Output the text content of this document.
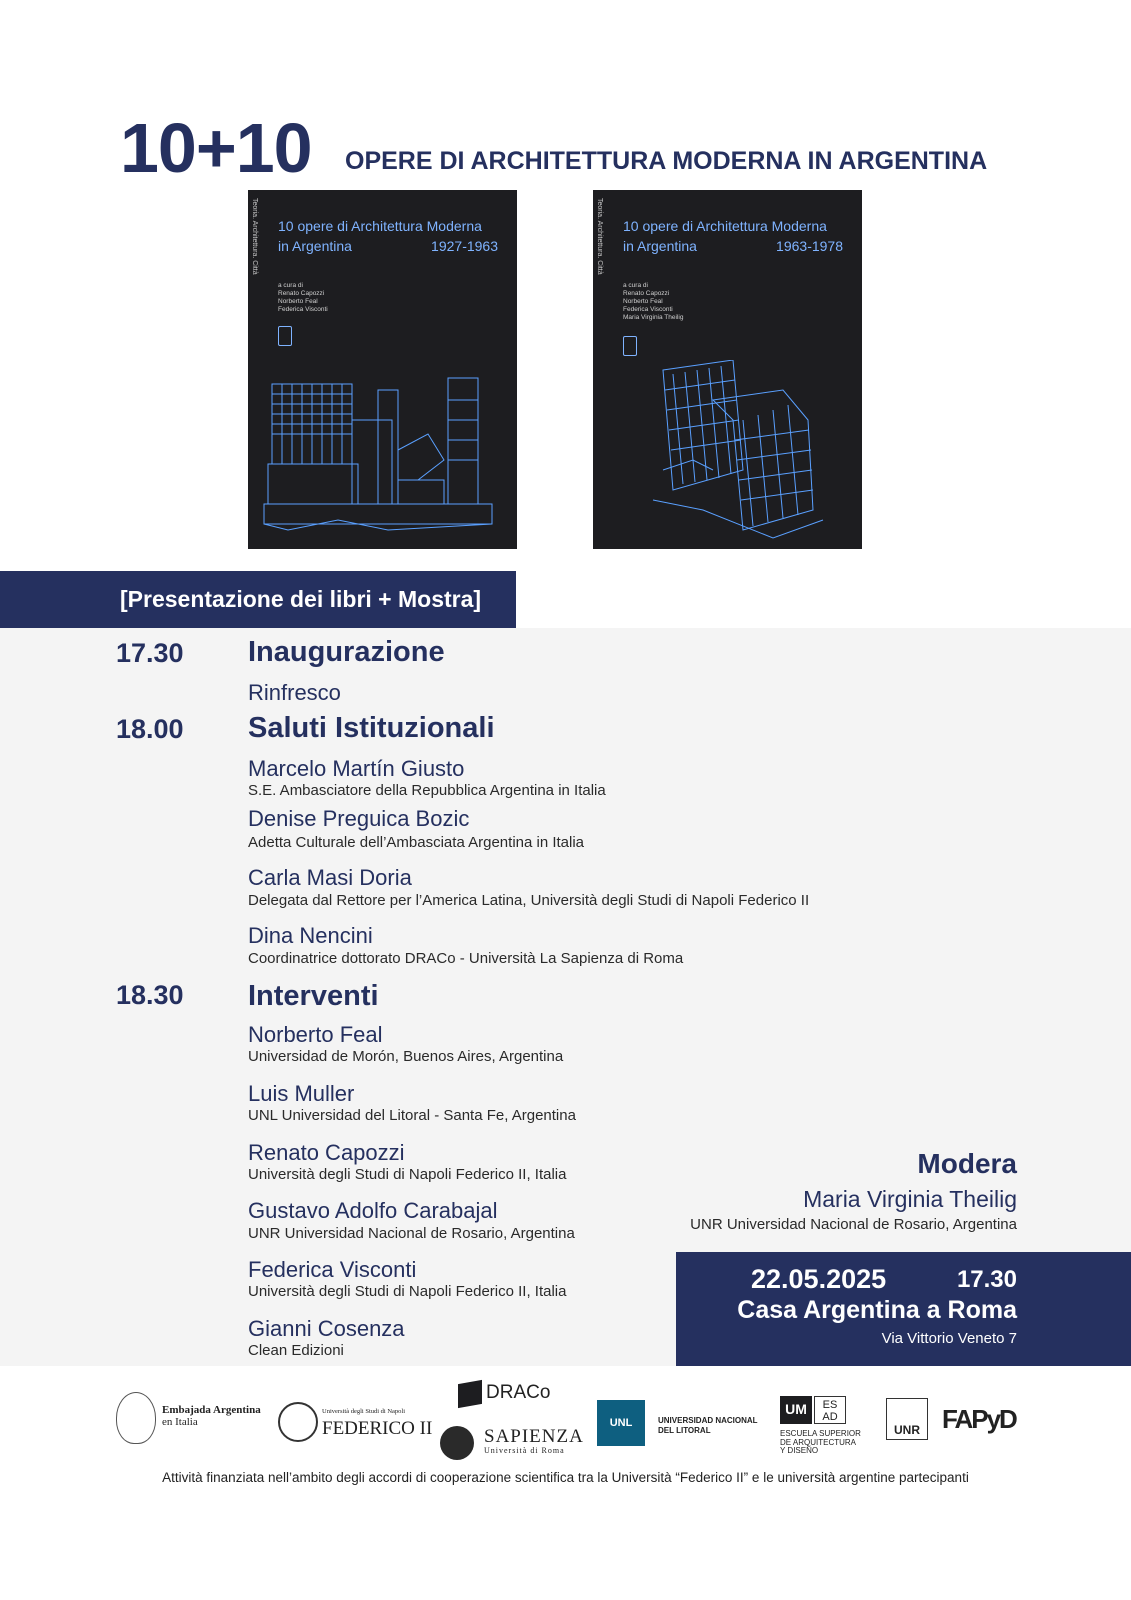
10+10 OPERE DI ARCHITETTURA MODERNA IN ARGENTINA
Teoria. Architettura. Città 10 opere di Architettura Moderna
in Argentina	1927-1963
a cura di
Renato Capozzi
Norberto Feal
Federica Visconti
Teoria. Architettura. Città 10 opere di Architettura Moderna
in Argentina	1963-1978
a cura di
Renato Capozzi
Norberto Feal
Federica Visconti
Maria Virginia Theilig
[Presentazione dei libri + Mostra]
17.30 Inaugurazione
Rinfresco
18.00 Saluti Istituzionali
Marcelo Martín Giusto
S.E. Ambasciatore della Repubblica Argentina in Italia
Denise Preguica Bozic
Adetta Culturale dell’Ambasciata Argentina in Italia
Carla Masi Doria
Delegata dal Rettore per l’America Latina, Università degli Studi di Napoli Federico II
Dina Nencini
Coordinatrice dottorato DRACo - Università La Sapienza di Roma
18.30 Interventi
Norberto Feal
Universidad de Morón, Buenos Aires, Argentina
Luis Muller
UNL Universidad del Litoral - Santa Fe, Argentina
Renato Capozzi
Università degli Studi di Napoli Federico II, Italia
Gustavo Adolfo Carabajal
UNR Universidad Nacional de Rosario, Argentina
Federica Visconti
Università degli Studi di Napoli Federico II, Italia
Gianni Cosenza
Clean Edizioni
Modera
Maria Virginia Theilig
UNR Universidad Nacional de Rosario, Argentina
22.05.2025	17.30
Casa Argentina a Roma
Via Vittorio Veneto 7
Embajada Argentina
en Italia
Università degli Studi di Napoli
FEDERICO II
DRACo
SAPIENZA
Università di Roma
UNL	UNIVERSIDAD NACIONAL
DEL LITORAL
UM	ES
AD
ESCUELA SUPERIOR
DE ARQUITECTURA
Y DISEÑO
UNR FAPyD
Attività finanziata nell’ambito degli accordi di cooperazione scientifica tra la Università “Federico II” e le università argentine partecipanti
